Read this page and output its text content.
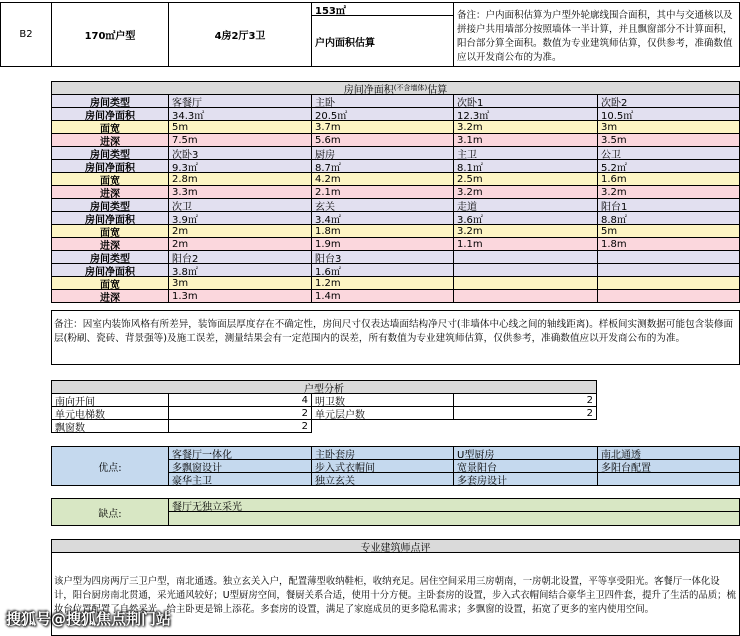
B2	170㎡户型	4房2厅3卫
153㎡
户内面积估算
备注：户内面积估算为户型外轮廓线围合面积，其中与交通核以及拼接户共用墙部分按照墙体一半计算，并且飘窗部分不计算面积，阳台部分算全面积。数值为专业建筑师估算，仅供参考，准确数值应以开发商公布的为准。
房间净面积 (不含墙体) 估算
房间类型	客餐厅	主卧	次卧1	次卧2
房间净面积	34.3㎡	20.5㎡	12.3㎡	10.5㎡
面宽	5m	3.7m	3.2m	3m
进深	7.5m	5.6m	3.1m	3.5m
房间类型	次卧3	厨房	主卫	公卫
房间净面积	9.3㎡	8.7㎡	8.1㎡	5.2㎡
面宽	2.8m	4.2m	2.5m	1.6m
进深	3.3m	2.1m	3.2m	3.2m
房间类型	次卫	玄关	走道	阳台1
房间净面积	3.9㎡	3.4㎡	3.6㎡	8.8㎡
面宽	2m	1.8m	3.2m	5m
进深	2m	1.9m	1.1m	1.8m
房间类型	阳台2	阳台3
房间净面积	3.8㎡	1.6㎡
面宽	3m	1.2m
进深	1.3m	1.4m
备注：因室内装饰风格有所差异，装饰面层厚度存在不确定性，房间尺寸仅表达墙面结构净尺寸(非墙体中心线之间的轴线距离)。样板间实测数据可能包含装修面层(粉刷、瓷砖、背景强等)及施工误差，测量结果会有一定范围内的误差，所有数值为专业建筑师估算，仅供参考，准确数值应以开发商公布的为准。
户型分析
南向开间	4 明卫数	2
单元电梯数	2 单元层户数	2
飘窗数	2
优点:
客餐厅一体化	主卧套房	U型厨房	南北通透
多飘窗设计	步入式衣帽间	宽景阳台	多阳台配置
豪华主卫	独立玄关	多套房设计
缺点:
餐厅无独立采光
专业建筑师点评
该户型为四房两厅三卫户型，南北通透。独立玄关入户，配置薄型收纳鞋柜，收纳充足。居住空间采用三房朝南，一房朝北设置，平等享受阳光。客餐厅一体化设计，阳台厨房南北贯通，采光通风较好；U型厨房空间，餐厨关系合适，使用十分方便。主卧套房的设置，步入式衣帽间结合豪华主卫四件套，提升了生活的品质；梳妆台位置配置了自然采光，给主卧更是锦上添花。多套房的设置，满足了家庭成员的更多隐私需求；多飘窗的设置，拓宽了更多的室内使用空间。
搜狐号@搜狐焦点荆门站
